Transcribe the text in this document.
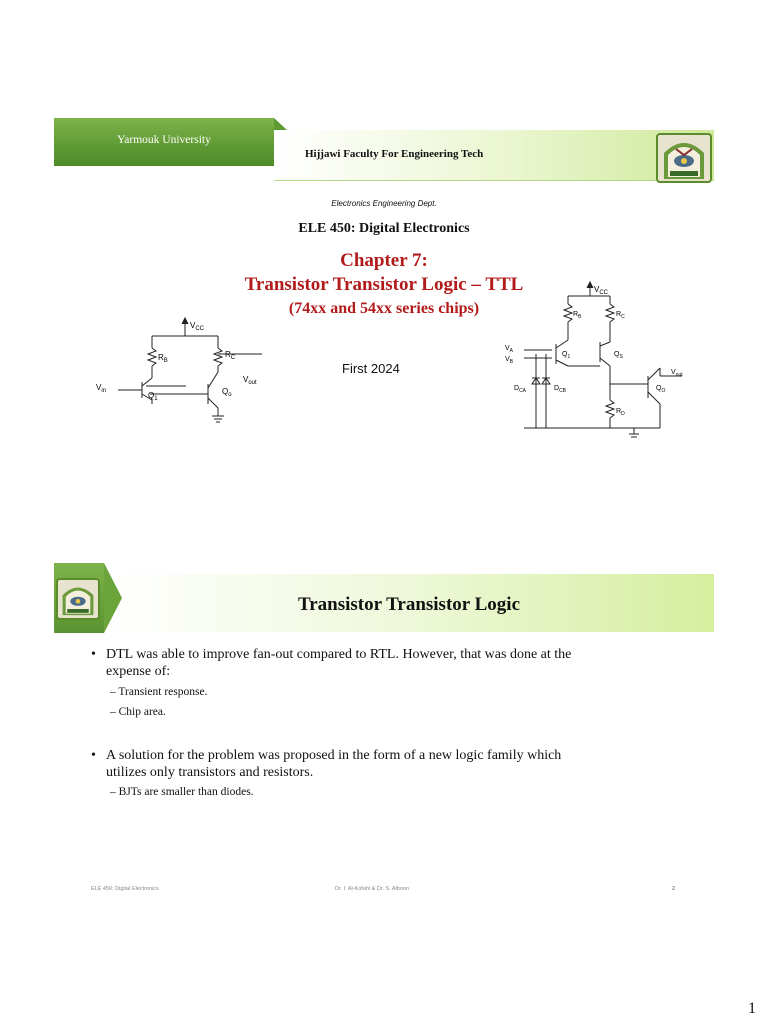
Yarmouk University
Hijjawi Faculty For Engineering Tech
Electronics Engineering Dept.
ELE 450: Digital Electronics
Chapter 7:
Transistor Transistor Logic – TTL
(74xx and 54xx series chips)
First 2024
$V_{CC}$
$R_B$
$R_C$
$V_{in}$	$Q_1$
$Q_o$
$V_{out}$
$V_{CC}$
$R_B$	$R_C$
$V_A$
$V_B$
$Q_1$	$Q_S$
$D_{CA}$	$D_{CB}$
$R_D$
$V_{out}$
$Q_O$
Transistor Transistor Logic
• DTL was able to improve fan-out compared to RTL. However, that was done at the
expense of:
– Transient response.
– Chip area.
• A solution for the problem was proposed in the form of a new logic family which
utilizes only transistors and resistors.
– BJTs are smaller than diodes.
ELE 450: Digital Electronics	Dr. I. Al-Kofahi & Dr. S. Alboon	2
1
